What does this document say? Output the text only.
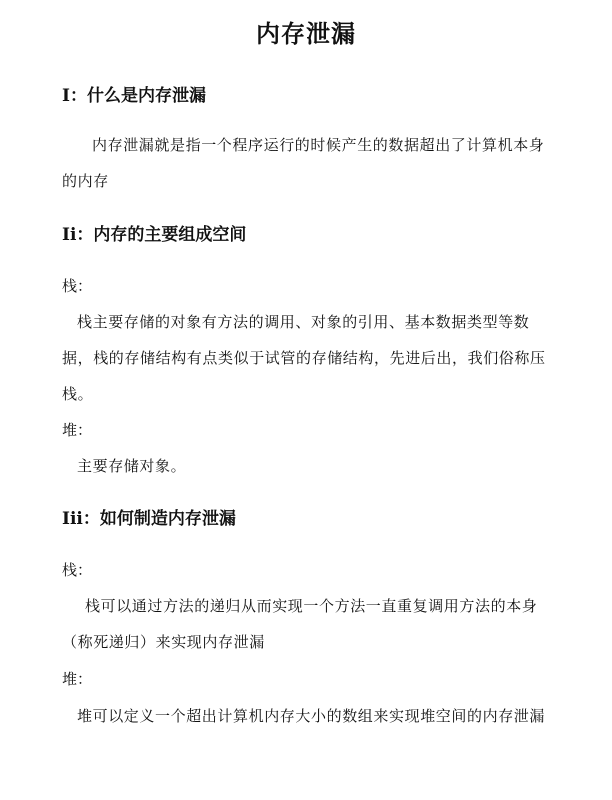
内存泄漏
I：什么是内存泄漏
内存泄漏就是指一个程序运行的时候产生的数据超出了计算机本身的内存
Ii：内存的主要组成空间
栈：
栈主要存储的对象有方法的调用、对象的引用、基本数据类型等数据，栈的存储结构有点类似于试管的存储结构，先进后出，我们俗称压栈。
堆：
主要存储对象。
Iii：如何制造内存泄漏
栈：
栈可以通过方法的递归从而实现一个方法一直重复调用方法的本身（称死递归）来实现内存泄漏
堆：
堆可以定义一个超出计算机内存大小的数组来实现堆空间的内存泄漏
